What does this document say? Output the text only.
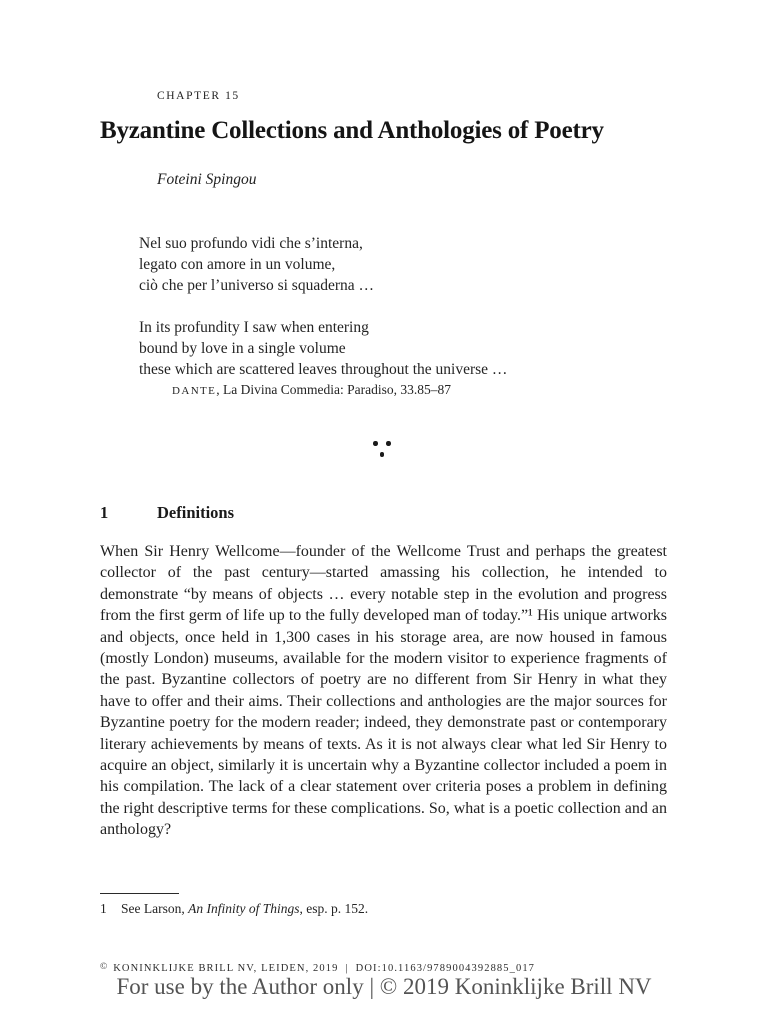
CHAPTER 15
Byzantine Collections and Anthologies of Poetry
Foteini Spingou
Nel suo profundo vidi che s’interna,
legato con amore in un volume,
ciò che per l’universo si squaderna …
In its profundity I saw when entering
bound by love in a single volume
these which are scattered leaves throughout the universe …
DANTE, La Divina Commedia: Paradiso, 33.85–87
1	Definitions

When Sir Henry Wellcome—founder of the Wellcome Trust and perhaps the greatest collector of the past century—started amassing his collection, he intended to demonstrate “by means of objects … every notable step in the evolution and progress from the first germ of life up to the fully developed man of today.”¹ His unique artworks and objects, once held in 1,300 cases in his storage area, are now housed in famous (mostly London) museums, available for the modern visitor to experience fragments of the past. Byzantine collectors of poetry are no different from Sir Henry in what they have to offer and their aims. Their collections and anthologies are the major sources for Byzantine poetry for the modern reader; indeed, they demonstrate past or contemporary literary achievements by means of texts. As it is not always clear what led Sir Henry to acquire an object, similarly it is uncertain why a Byzantine collector included a poem in his compilation. The lack of a clear statement over criteria poses a problem in defining the right descriptive terms for these complications. So, what is a poetic collection and an anthology?

1 See Larson, An Infinity of Things, esp. p. 152.
© KONINKLIJKE BRILL NV, LEIDEN, 2019 | DOI:10.1163/9789004392885_017
For use by the Author only | © 2019 Koninklijke Brill NV
